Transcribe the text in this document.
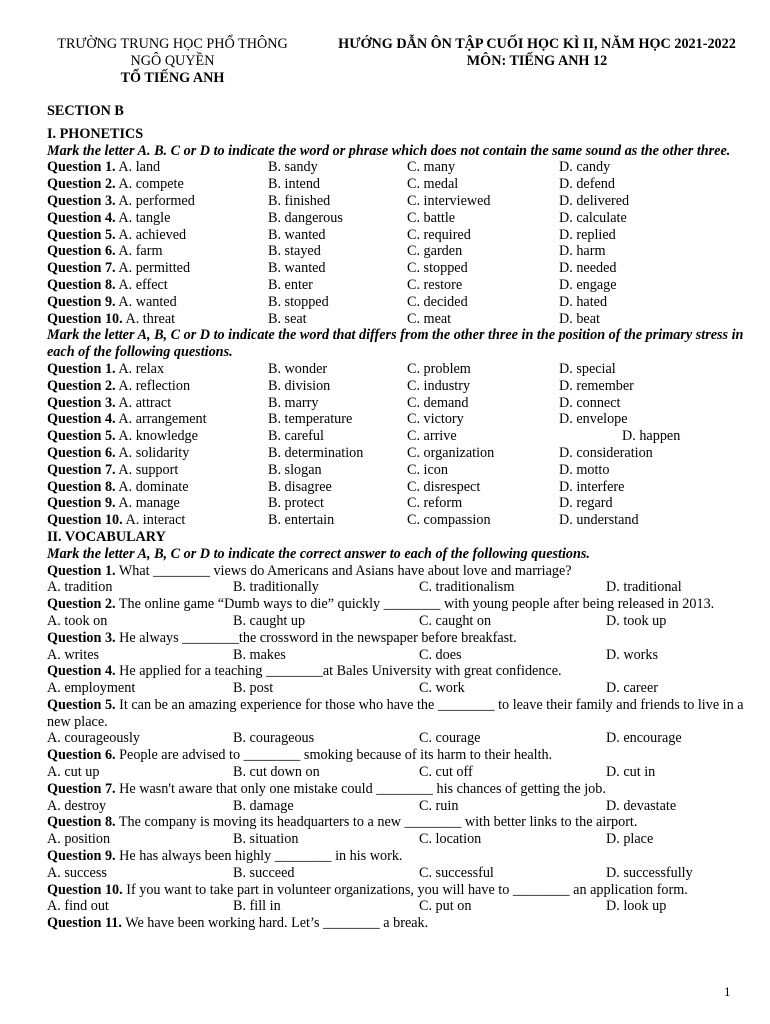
TRƯỜNG TRUNG HỌC PHỔ THÔNG
NGÔ QUYỀN
TỔ TIẾNG ANH
HƯỚNG DẪN ÔN TẬP CUỐI HỌC KÌ II, NĂM HỌC 2021-2022
MÔN: TIẾNG ANH 12
SECTION B
I. PHONETICS
Mark the letter A. B. C or D to indicate the word or phrase which does not contain the same sound as the other three.
Question 1. A. land	B. sandy	C. many	D. candy
Question 2. A. compete	B. intend	C. medal	D. defend
Question 3. A. performed	B. finished	C. interviewed	D. delivered
Question 4. A. tangle	B. dangerous	C. battle	D. calculate
Question 5. A. achieved	B. wanted	C. required	D. replied
Question 6. A. farm	B. stayed	C. garden	D. harm
Question 7. A. permitted	B. wanted	C. stopped	D. needed
Question 8. A. effect	B. enter	C. restore	D. engage
Question 9. A. wanted	B. stopped	C. decided	D. hated
Question 10. A. threat	B. seat	C. meat	D. beat
Mark the letter A, B, C or D to indicate the word that differs from the other three in the position of the primary stress in each of the following questions.
Question 1. A. relax	B. wonder	C. problem	D. special
Question 2. A. reflection	B. division	C. industry	D. remember
Question 3. A. attract	B. marry	C. demand	D. connect
Question 4. A. arrangement	B. temperature	C. victory	D. envelope
Question 5. A. knowledge	B. careful	C. arrive	D. happen
Question 6. A. solidarity	B. determination	C. organization	D. consideration
Question 7. A. support	B. slogan	C. icon	D. motto
Question 8. A. dominate	B. disagree	C. disrespect	D. interfere
Question 9. A. manage	B. protect	C. reform	D. regard
Question 10. A. interact	B. entertain	C. compassion	D. understand
II. VOCABULARY
Mark the letter A, B, C or D to indicate the correct answer to each of the following questions.
Question 1. What ________ views do Americans and Asians have about love and marriage?
A. tradition	B. traditionally	C. traditionalism	D. traditional
Question 2. The online game “Dumb ways to die” quickly ________ with young people after being released in 2013.
A. took on	B. caught up	C. caught on	D. took up
Question 3. He always ________the crossword in the newspaper before breakfast.
A. writes	B. makes	C. does	D. works
Question 4. He applied for a teaching ________at Bales University with great confidence.
A. employment	B. post	C. work	D. career
Question 5. It can be an amazing experience for those who have the ________ to leave their family and friends to live in a new place.
A. courageously	B. courageous	C. courage	D. encourage
Question 6. People are advised to ________ smoking because of its harm to their health.
A. cut up	B. cut down on	C. cut off	D. cut in
Question 7. He wasn't aware that only one mistake could ________ his chances of getting the job.
A. destroy	B. damage	C. ruin	D. devastate
Question 8. The company is moving its headquarters to a new ________ with better links to the airport.
A. position	B. situation	C. location	D. place
Question 9. He has always been highly ________ in his work.
A. success	B. succeed	C. successful	D. successfully
Question 10. If you want to take part in volunteer organizations, you will have to ________ an application form.
A. find out	B. fill in	C. put on	D. look up
Question 11. We have been working hard. Let’s ________ a break.
1
